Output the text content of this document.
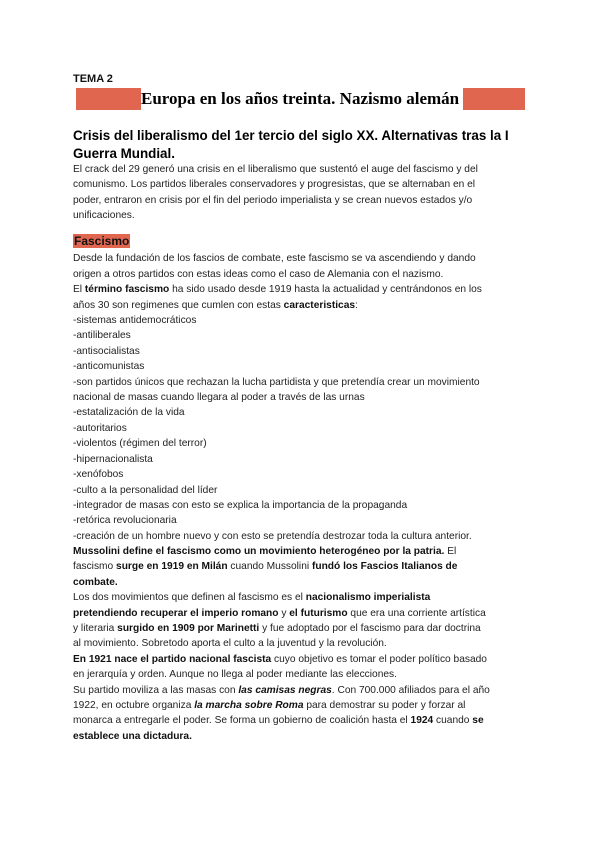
TEMA 2
Europa en los años treinta. Nazismo alemán
Crisis del liberalismo del 1er tercio del siglo XX. Alternativas tras la I Guerra Mundial.
El crack del 29 generó una crisis en el liberalismo que sustentó el auge del fascismo y del
comunismo. Los partidos liberales conservadores y progresistas, que se alternaban en el
poder, entraron en crisis por el fin del periodo imperialista y se crean nuevos estados y/o
unificaciones.
Fascismo
Desde la fundación de los fascios de combate, este fascismo se va ascendiendo y dando
origen a otros partidos con estas ideas como el caso de Alemania con el nazismo.
El término fascismo ha sido usado desde 1919 hasta la actualidad y centrándonos en los
años 30 son regimenes que cumlen con estas caracteristicas:
-sistemas antidemocráticos
-antiliberales
-antisocialistas
-anticomunistas
-son partidos únicos que rechazan la lucha partidista y que pretendía crear un movimiento
nacional de masas cuando llegara al poder a través de las urnas
-estatalización de la vida
-autoritarios
-violentos (régimen del terror)
-hipernacionalista
-xenófobos
-culto a la personalidad del líder
-integrador de masas con esto se explica la importancia de la propaganda
-retórica revolucionaria
-creación de un hombre nuevo y con esto se pretendía destrozar toda la cultura anterior.
Mussolini define el fascismo como un movimiento heterogéneo por la patria. El
fascismo surge en 1919 en Milán cuando Mussolini fundó los Fascios Italianos de
combate.
Los dos movimientos que definen al fascismo es el nacionalismo imperialista
pretendiendo recuperar el imperio romano y el futurismo que era una corriente artística
y literaria surgido en 1909 por Marinetti y fue adoptado por el fascismo para dar doctrina
al movimiento. Sobretodo aporta el culto a la juventud y la revolución.
En 1921 nace el partido nacional fascista cuyo objetivo es tomar el poder político basado
en jerarquía y orden. Aunque no llega al poder mediante las elecciones.
Su partido moviliza a las masas con las camisas negras. Con 700.000 afiliados para el año
1922, en octubre organiza la marcha sobre Roma para demostrar su poder y forzar al
monarca a entregarle el poder. Se forma un gobierno de coalición hasta el 1924 cuando se
establece una dictadura.
